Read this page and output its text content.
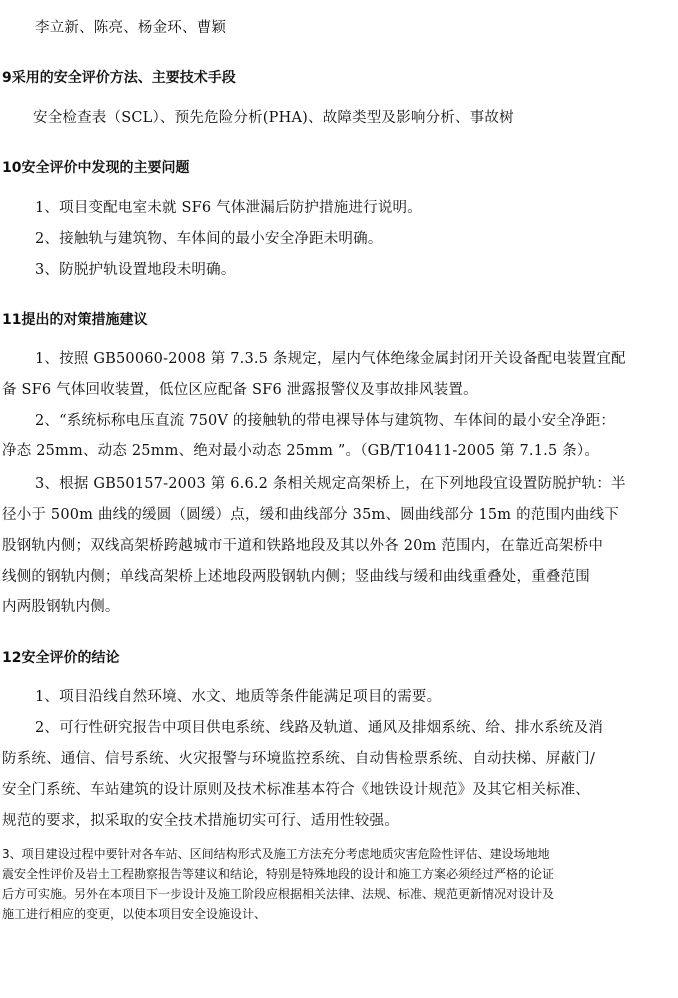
李立新、陈亮、杨金环、曹颖
9采用的安全评价方法、主要技术手段
安全检查表（SCL）、预先危险分析(PHA)、故障类型及影响分析、事故树
10安全评价中发现的主要问题
1、项目变配电室未就 SF6 气体泄漏后防护措施进行说明。
2、接触轨与建筑物、车体间的最小安全净距未明确。
3、防脱护轨设置地段未明确。
11提出的对策措施建议
1、按照 GB50060-2008 第 7.3.5 条规定，屋内气体绝缘金属封闭开关设备配电装置宜配
备 SF6 气体回收装置，低位区应配备 SF6 泄露报警仪及事故排风装置。
2、“系统标称电压直流 750V 的接触轨的带电裸导体与建筑物、车体间的最小安全净距：
净态 25mm、动态 25mm、绝对最小动态 25mm ”。（GB/T10411-2005 第 7.1.5 条）。
3、根据 GB50157-2003 第 6.6.2 条相关规定高架桥上，在下列地段宜设置防脱护轨：半
径小于 500m 曲线的缓圆（圆缓）点，缓和曲线部分 35m、圆曲线部分 15m 的范围内曲线下
股钢轨内侧；双线高架桥跨越城市干道和铁路地段及其以外各 20m 范围内，在靠近高架桥中
线侧的钢轨内侧；单线高架桥上述地段两股钢轨内侧；竖曲线与缓和曲线重叠处，重叠范围
内两股钢轨内侧。
12安全评价的结论
1、项目沿线自然环境、水文、地质等条件能满足项目的需要。
2、可行性研究报告中项目供电系统、线路及轨道、通风及排烟系统、给、排水系统及消
防系统、通信、信号系统、火灾报警与环境监控系统、自动售检票系统、自动扶梯、屏蔽门/
安全门系统、车站建筑的设计原则及技术标准基本符合《地铁设计规范》及其它相关标准、
规范的要求，拟采取的安全技术措施切实可行、适用性较强。
3、项目建设过程中要针对各车站、区间结构形式及施工方法充分考虑地质灾害危险性评估、建设场地地
震安全性评价及岩土工程勘察报告等建议和结论，特别是特殊地段的设计和施工方案必须经过严格的论证
后方可实施。另外在本项目下一步设计及施工阶段应根据相关法律、法规、标准、规范更新情况对设计及
施工进行相应的变更，以使本项目安全设施设计、
